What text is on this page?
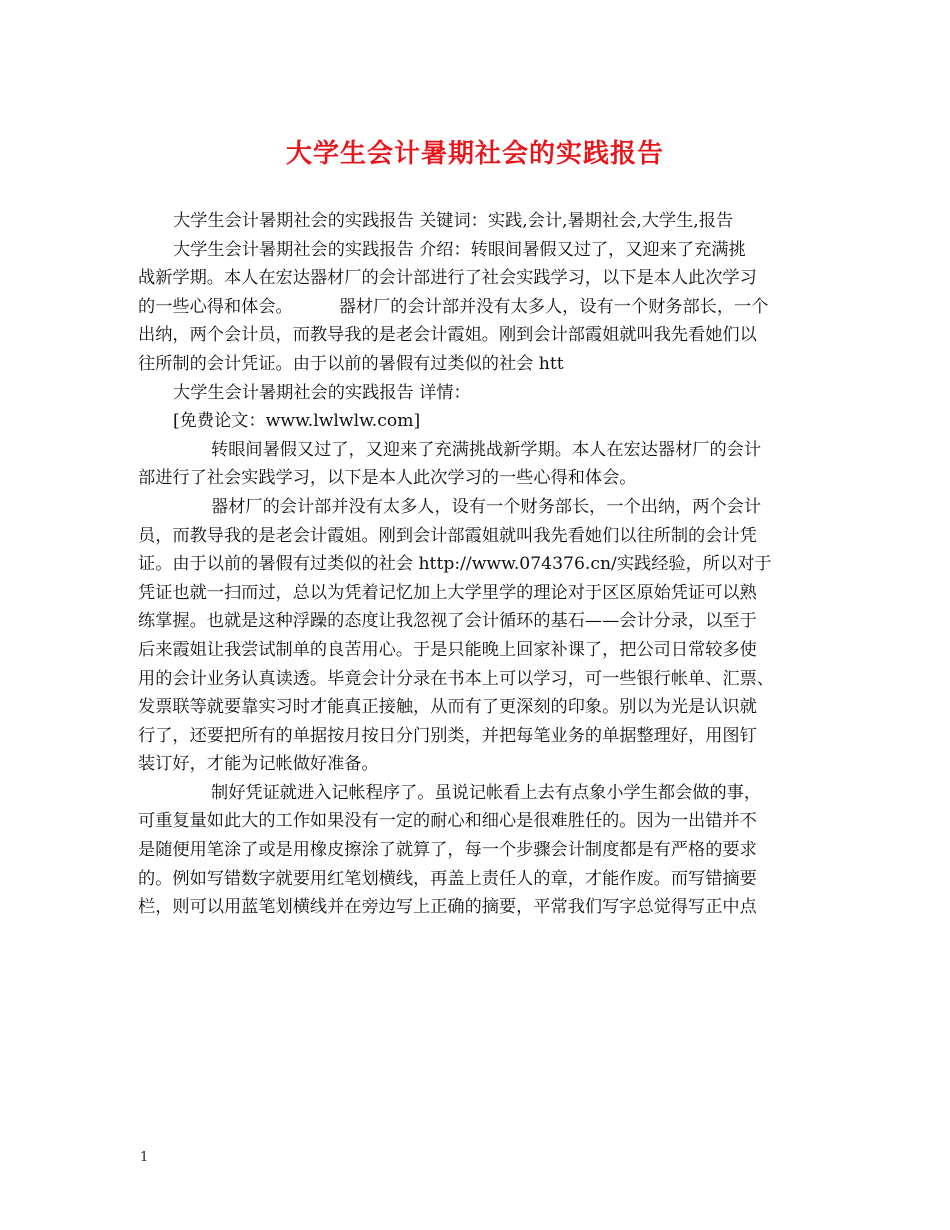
大学生会计暑期社会的实践报告

大学生会计暑期社会的实践报告 关键词：实践,会计,暑期社会,大学生,报告

大学生会计暑期社会的实践报告 介绍：转眼间暑假又过了，又迎来了充满挑

战新学期。本人在宏达器材厂的会计部进行了社会实践学习，以下是本人此次学习

的一些心得和体会。	器材厂的会计部并没有太多人，设有一个财务部长，一个

出纳，两个会计员，而教导我的是老会计霞姐。刚到会计部霞姐就叫我先看她们以

往所制的会计凭证。由于以前的暑假有过类似的社会 htt

大学生会计暑期社会的实践报告 详情：

[免费论文：www.lwlwlw.com]

转眼间暑假又过了，又迎来了充满挑战新学期。本人在宏达器材厂的会计

部进行了社会实践学习，以下是本人此次学习的一些心得和体会。

器材厂的会计部并没有太多人，设有一个财务部长，一个出纳，两个会计

员，而教导我的是老会计霞姐。刚到会计部霞姐就叫我先看她们以往所制的会计凭

证。由于以前的暑假有过类似的社会 http://www.074376.cn/实践经验，所以对于

凭证也就一扫而过，总以为凭着记忆加上大学里学的理论对于区区原始凭证可以熟

练掌握。也就是这种浮躁的态度让我忽视了会计循环的基石——会计分录，以至于

后来霞姐让我尝试制单的良苦用心。于是只能晚上回家补课了，把公司日常较多使

用的会计业务认真读透。毕竟会计分录在书本上可以学习，可一些银行帐单、汇票、

发票联等就要靠实习时才能真正接触，从而有了更深刻的印象。别以为光是认识就

行了，还要把所有的单据按月按日分门别类，并把每笔业务的单据整理好，用图钉

装订好，才能为记帐做好准备。

制好凭证就进入记帐程序了。虽说记帐看上去有点象小学生都会做的事，

可重复量如此大的工作如果没有一定的耐心和细心是很难胜任的。因为一出错并不

是随便用笔涂了或是用橡皮擦涂了就算了，每一个步骤会计制度都是有严格的要求

的。例如写错数字就要用红笔划横线，再盖上责任人的章，才能作废。而写错摘要

栏，则可以用蓝笔划横线并在旁边写上正确的摘要，平常我们写字总觉得写正中点

1
